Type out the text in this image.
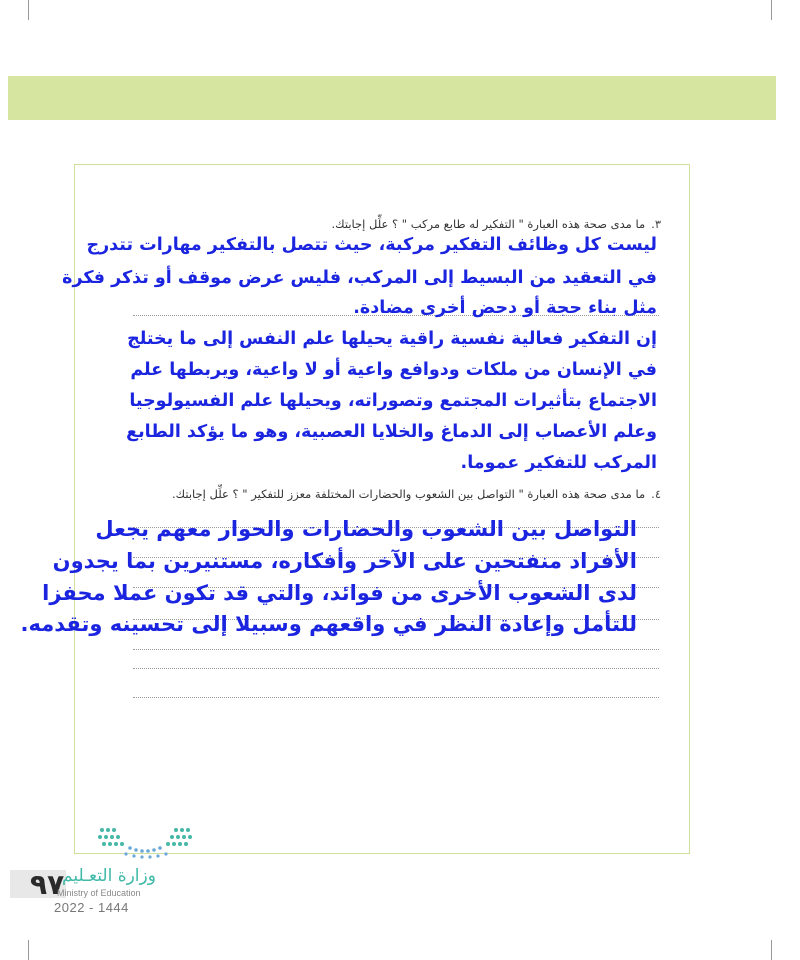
٣.ما مدى صحة هذه العبارة " التفكير له طابع مركب " ؟ علِّل إجابتك.
ليست كل وظائف التفكير مركبة، حيث تتصل بالتفكير مهارات تتدرج
في التعقيد من البسيط إلى المركب، فليس عرض موقف أو تذكر فكرة
مثل بناء حجة أو دحض أخرى مضادة.
إن التفكير فعالية نفسية راقية يحيلها علم النفس إلى ما يختلج
في الإنسان من ملكات ودوافع واعية أو لا واعية، ويربطها علم
الاجتماع بتأثيرات المجتمع وتصوراته، ويحيلها علم الفسيولوجيا
وعلم الأعصاب إلى الدماغ والخلايا العصبية، وهو ما يؤكد الطابع
المركب للتفكير عموما.
٤.ما مدى صحة هذه العبارة " التواصل بين الشعوب والحضارات المختلفة معزز للتفكير " ؟ علِّل إجابتك.
التواصل بين الشعوب والحضارات والحوار معهم يجعل
الأفراد منفتحين على الآخر وأفكاره، مستنيرين بما يجدون
لدى الشعوب الأخرى من فوائد، والتي قد تكون عملا محفزا
للتأمل وإعادة النظر في واقعهم وسبيلا إلى تحسينه وتقدمه.
٩٧
وزارة التعـليم
Ministry of Education
2022 - 1444
